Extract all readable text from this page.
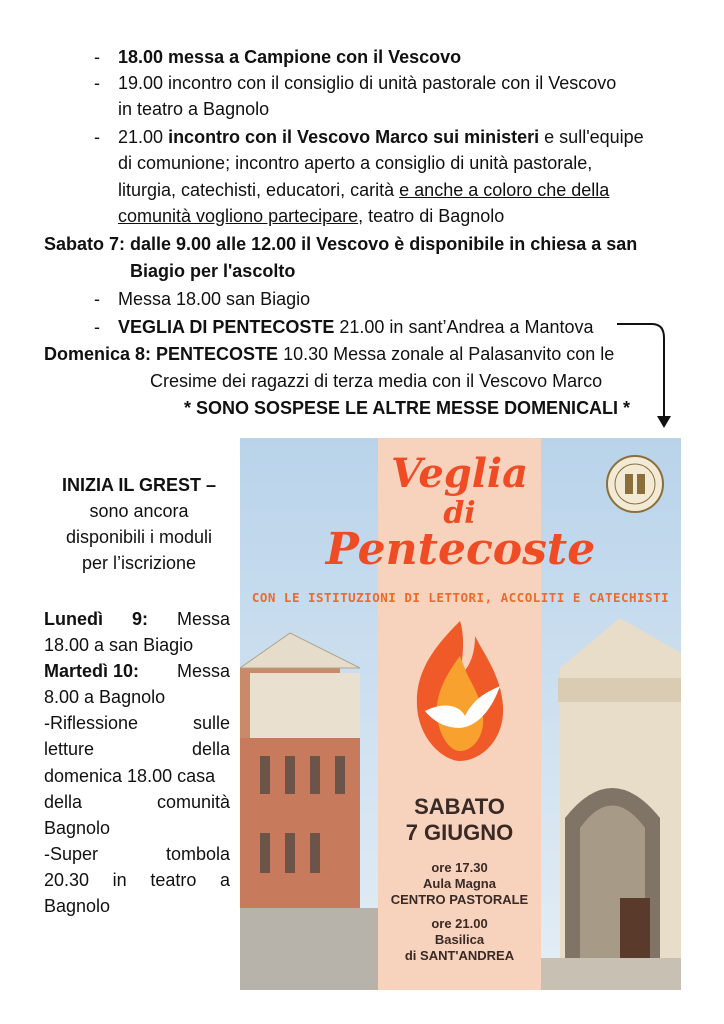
- 18.00 messa a Campione con il Vescovo
- 19.00 incontro con il consiglio di unità pastorale con il Vescovo
in teatro a Bagnolo
- 21.00 incontro con il Vescovo Marco sui ministeri e sull'equipe
di comunione; incontro aperto a consiglio di unità pastorale,
liturgia, catechisti, educatori, carità e anche a coloro che della
comunità vogliono partecipare, teatro di Bagnolo
Sabato 7: dalle 9.00 alle 12.00 il Vescovo è disponibile in chiesa a san
Biagio per l'ascolto
- Messa 18.00 san Biagio
- VEGLIA DI PENTECOSTE 21.00 in sant’Andrea a Mantova
Domenica 8: PENTECOSTE 10.30 Messa zonale al Palasanvito con le
Cresime dei ragazzi di terza media con il Vescovo Marco
* SONO SOSPESE LE ALTRE MESSE DOMENICALI *
INIZIA IL GREST –
sono ancora
disponibili i moduli
per l’iscrizione
Lunedì 9: Messa
18.00 a san Biagio
Martedì 10: Messa
8.00 a Bagnolo
-Riflessione	sulle
letture	della
domenica 18.00 casa
della	comunità
Bagnolo
-Super	tombola
20.30 in teatro a
Bagnolo
Veglia
di
Pentecoste
CON LE ISTITUZIONI DI LETTORI, ACCOLITI E CATECHISTI
SABATO
7 GIUGNO
ore 17.30
Aula Magna
CENTRO PASTORALE
ore 21.00
Basilica
di SANT'ANDREA
